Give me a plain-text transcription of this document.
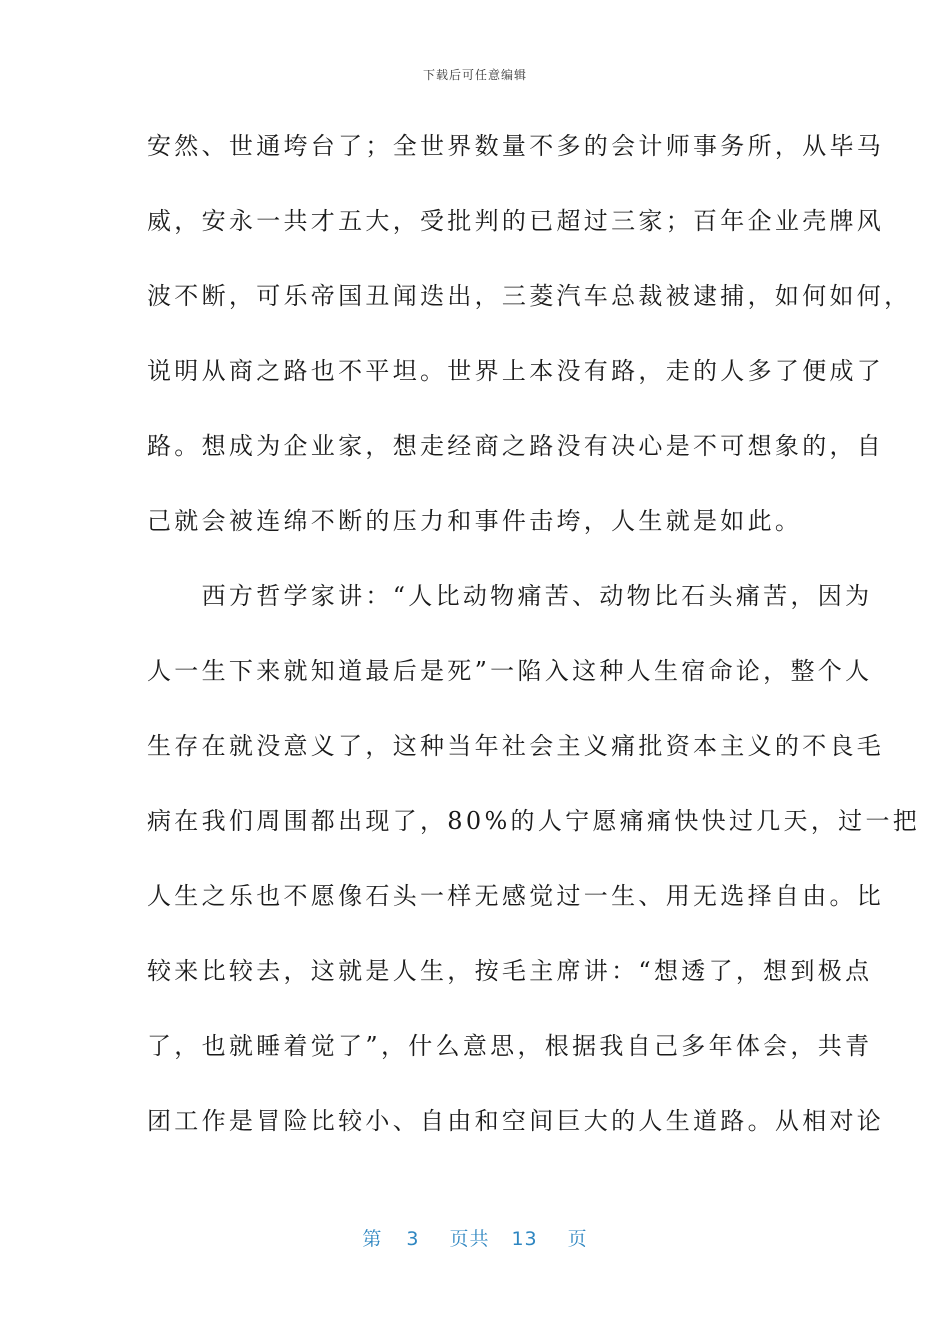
下载后可任意编辑
安然、世通垮台了；全世界数量不多的会计师事务所，从毕马
威，安永一共才五大，受批判的已超过三家；百年企业壳牌风
波不断，可乐帝国丑闻迭出，三菱汽车总裁被逮捕，如何如何，
说明从商之路也不平坦。世界上本没有路，走的人多了便成了
路。想成为企业家，想走经商之路没有决心是不可想象的，自
己就会被连绵不断的压力和事件击垮，人生就是如此。
　　西方哲学家讲：“人比动物痛苦、动物比石头痛苦，因为
人一生下来就知道最后是死”一陷入这种人生宿命论，整个人
生存在就没意义了，这种当年社会主义痛批资本主义的不良毛
病在我们周围都出现了，80%的人宁愿痛痛快快过几天，过一把
人生之乐也不愿像石头一样无感觉过一生、用无选择自由。比
较来比较去，这就是人生，按毛主席讲：“想透了，想到极点
了，也就睡着觉了”，什么意思，根据我自己多年体会，共青
团工作是冒险比较小、自由和空间巨大的人生道路。从相对论
第 3 页共 13 页
